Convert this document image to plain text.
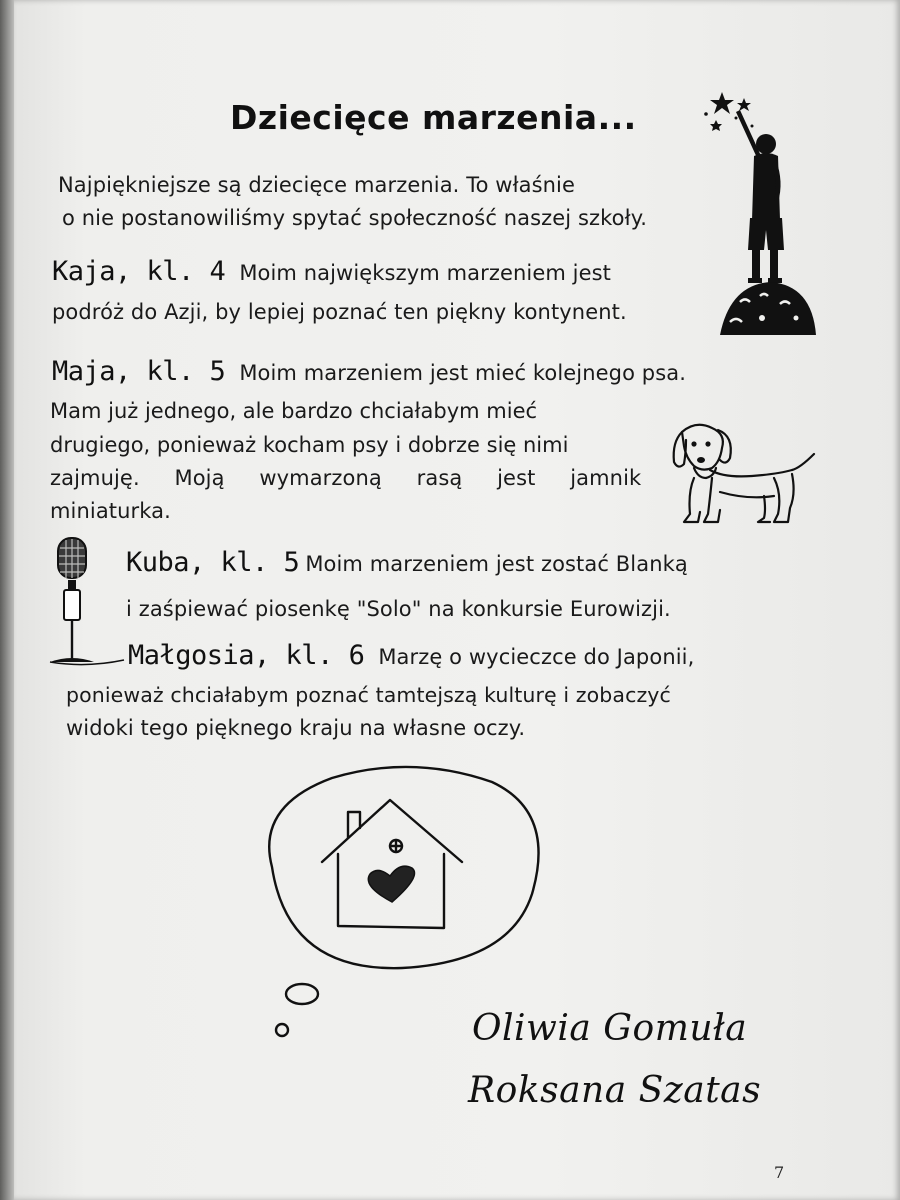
Dziecięce marzenia...
Najpiękniejsze są dziecięce marzenia. To właśnie
o nie postanowiliśmy spytać społeczność naszej szkoły.
Kaja, kl. 4 Moim największym marzeniem jest
podróż do Azji, by lepiej poznać ten piękny kontynent.
Maja, kl. 5 Moim marzeniem jest mieć kolejnego psa.
Mam już jednego, ale bardzo chciałabym mieć
drugiego, ponieważ kocham psy i dobrze się nimi
zajmuję. Moją wymarzoną rasą jest jamnik
miniaturka.
Kuba, kl. 5 Moim marzeniem jest zostać Blanką
i zaśpiewać piosenkę "Solo" na konkursie Eurowizji.
Małgosia, kl. 6 Marzę o wycieczce do Japonii,
ponieważ chciałabym poznać tamtejszą kulturę i zobaczyć
widoki tego pięknego kraju na własne oczy.
Oliwia Gomuła
Roksana Szatas
7
